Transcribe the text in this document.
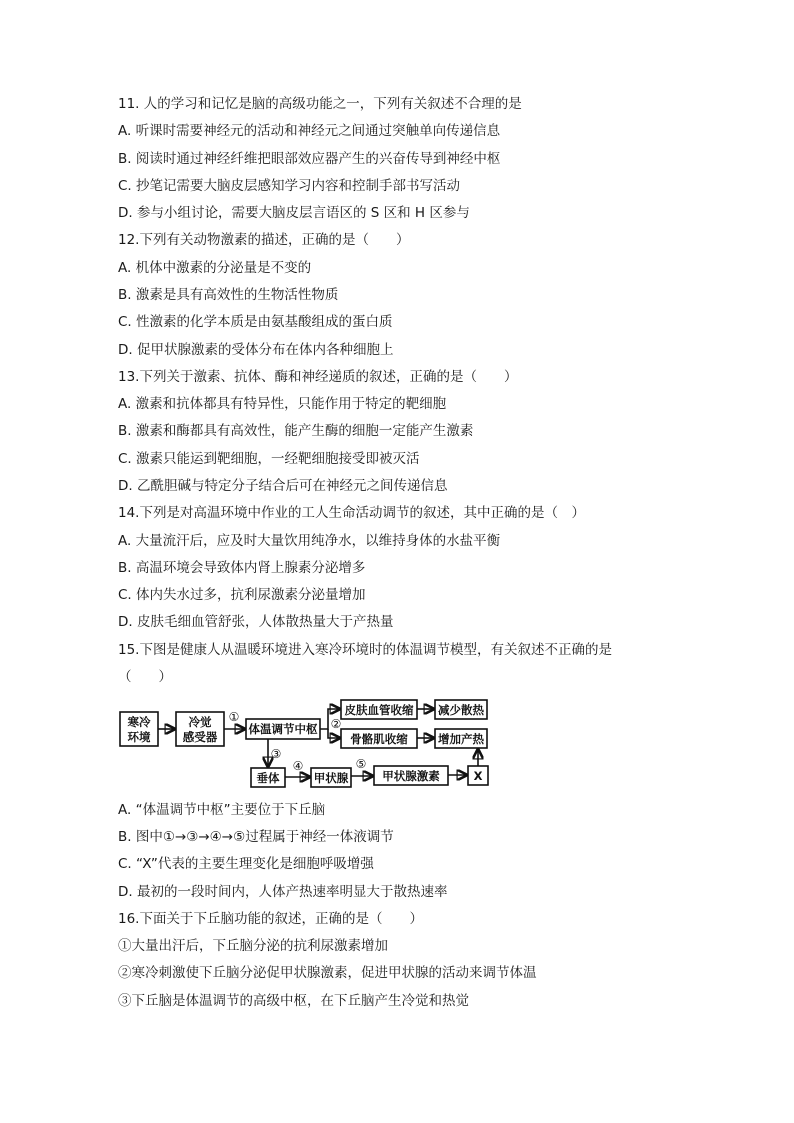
11. 人的学习和记忆是脑的高级功能之一，下列有关叙述不合理的是
A. 听课时需要神经元的活动和神经元之间通过突触单向传递信息
B. 阅读时通过神经纤维把眼部效应器产生的兴奋传导到神经中枢
C. 抄笔记需要大脑皮层感知学习内容和控制手部书写活动
D. 参与小组讨论，需要大脑皮层言语区的 S 区和 H 区参与
12.下列有关动物激素的描述，正确的是（　　）
A. 机体中激素的分泌量是不变的
B. 激素是具有高效性的生物活性物质
C. 性激素的化学本质是由氨基酸组成的蛋白质
D. 促甲状腺激素的受体分布在体内各种细胞上
13.下列关于激素、抗体、酶和神经递质的叙述，正确的是（　　）
A. 激素和抗体都具有特异性，只能作用于特定的靶细胞
B. 激素和酶都具有高效性，能产生酶的细胞一定能产生激素
C. 激素只能运到靶细胞，一经靶细胞接受即被灭活
D. 乙酰胆碱与特定分子结合后可在神经元之间传递信息
14.下列是对高温环境中作业的工人生命活动调节的叙述，其中正确的是（　）
A. 大量流汗后，应及时大量饮用纯净水，以维持身体的水盐平衡
B. 高温环境会导致体内肾上腺素分泌增多
C. 体内失水过多，抗利尿激素分泌量增加
D. 皮肤毛细血管舒张，人体散热量大于产热量
15.下图是健康人从温暖环境进入寒冷环境时的体温调节模型，有关叙述不正确的是
（　　）
寒冷
环境
冷觉
感受器
体温调节中枢
皮肤血管收缩
骨骼肌收缩
减少散热
增加产热
垂体	甲状腺	甲状腺激素	X
①	②
③
④	⑤
A. “体温调节中枢”主要位于下丘脑
B. 图中①→③→④→⑤过程属于神经一体液调节
C. “X”代表的主要生理变化是细胞呼吸增强
D. 最初的一段时间内，人体产热速率明显大于散热速率
16.下面关于下丘脑功能的叙述，正确的是（　　）
①大量出汗后，下丘脑分泌的抗利尿激素增加
②寒冷刺激使下丘脑分泌促甲状腺激素，促进甲状腺的活动来调节体温
③下丘脑是体温调节的高级中枢，在下丘脑产生冷觉和热觉
